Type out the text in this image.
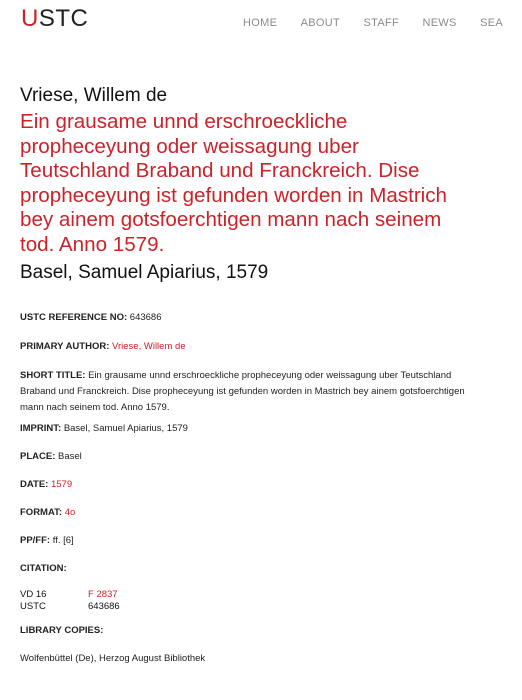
USTC	HOME ABOUT STAFF NEWS SEA
Vriese, Willem de
Ein grausame unnd erschroeckliche propheceyung oder weissagung uber Teutschland Braband und Franckreich. Dise propheceyung ist gefunden worden in Mastrich bey ainem gotsfoerchtigen mann nach seinem tod. Anno 1579.
Basel, Samuel Apiarius, 1579
USTC REFERENCE NO: 643686
PRIMARY AUTHOR: Vriese, Willem de
SHORT TITLE: Ein grausame unnd erschroeckliche propheceyung oder weissagung uber Teutschland Braband und Franckreich. Dise propheceyung ist gefunden worden in Mastrich bey ainem gotsfoerchtigen mann nach seinem tod. Anno 1579.
IMPRINT: Basel, Samuel Apiarius, 1579
PLACE: Basel
DATE: 1579
FORMAT: 4o
PP/FF: ff. [6]
CITATION:
VD 16	F 2837
USTC	643686
LIBRARY COPIES:
Wolfenbüttel (De), Herzog August Bibliothek
